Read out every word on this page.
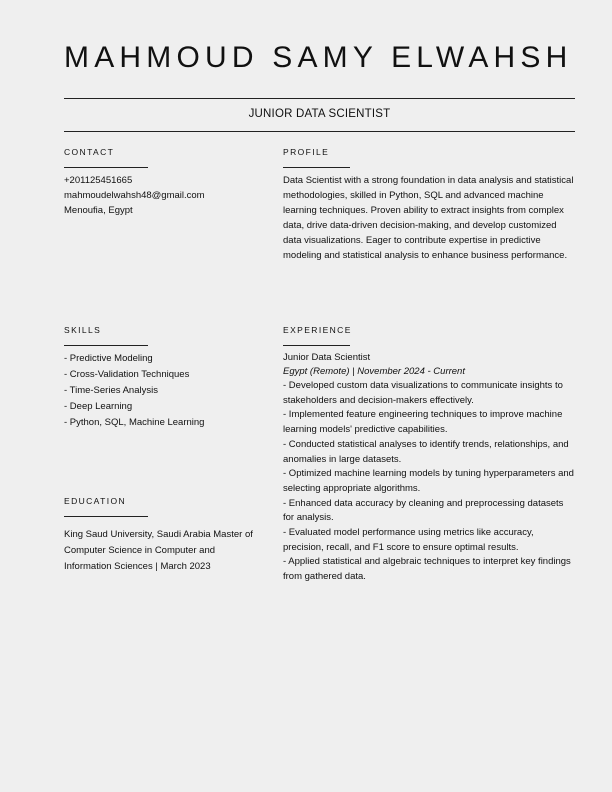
MAHMOUD SAMY ELWAHSH
JUNIOR DATA SCIENTIST
CONTACT
+201125451665
mahmoudelwahsh48@gmail.com
Menoufia, Egypt
PROFILE

Data Scientist with a strong foundation in data analysis and statistical methodologies, skilled in Python, SQL and advanced machine learning techniques. Proven ability to extract insights from complex data, drive data-driven decision-making, and develop customized data visualizations. Eager to contribute expertise in predictive modeling and statistical analysis to enhance business performance.

SKILLS
- Predictive Modeling
- Cross-Validation Techniques
- Time-Series Analysis
- Deep Learning
- Python, SQL, Machine Learning
EXPERIENCE
Junior Data Scientist
Egypt (Remote) | November 2024 - Current
- Developed custom data visualizations to communicate insights to stakeholders and decision-makers effectively.
- Implemented feature engineering techniques to improve machine learning models' predictive capabilities.
- Conducted statistical analyses to identify trends, relationships, and anomalies in large datasets.
- Optimized machine learning models by tuning hyperparameters and selecting appropriate algorithms.
- Enhanced data accuracy by cleaning and preprocessing datasets for analysis.
- Evaluated model performance using metrics like accuracy, precision, recall, and F1 score to ensure optimal results.
- Applied statistical and algebraic techniques to interpret key findings from gathered data.
EDUCATION

King Saud University, Saudi Arabia Master of Computer Science in Computer and Information Sciences | March 2023
